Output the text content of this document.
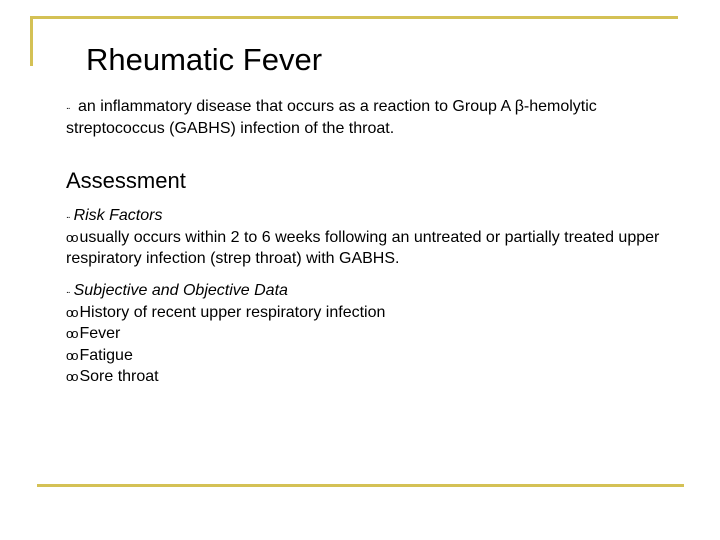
Rheumatic Fever
.. an inflammatory disease that occurs as a reaction to Group A β-hemolytic streptococcus (GABHS) infection of the throat.
Assessment
.. Risk Factors
oo usually occurs within 2 to 6 weeks following an untreated or partially treated upper respiratory infection (strep throat) with GABHS.
.. Subjective and Objective Data
oo History of recent upper respiratory infection
oo Fever
oo Fatigue
oo Sore throat
